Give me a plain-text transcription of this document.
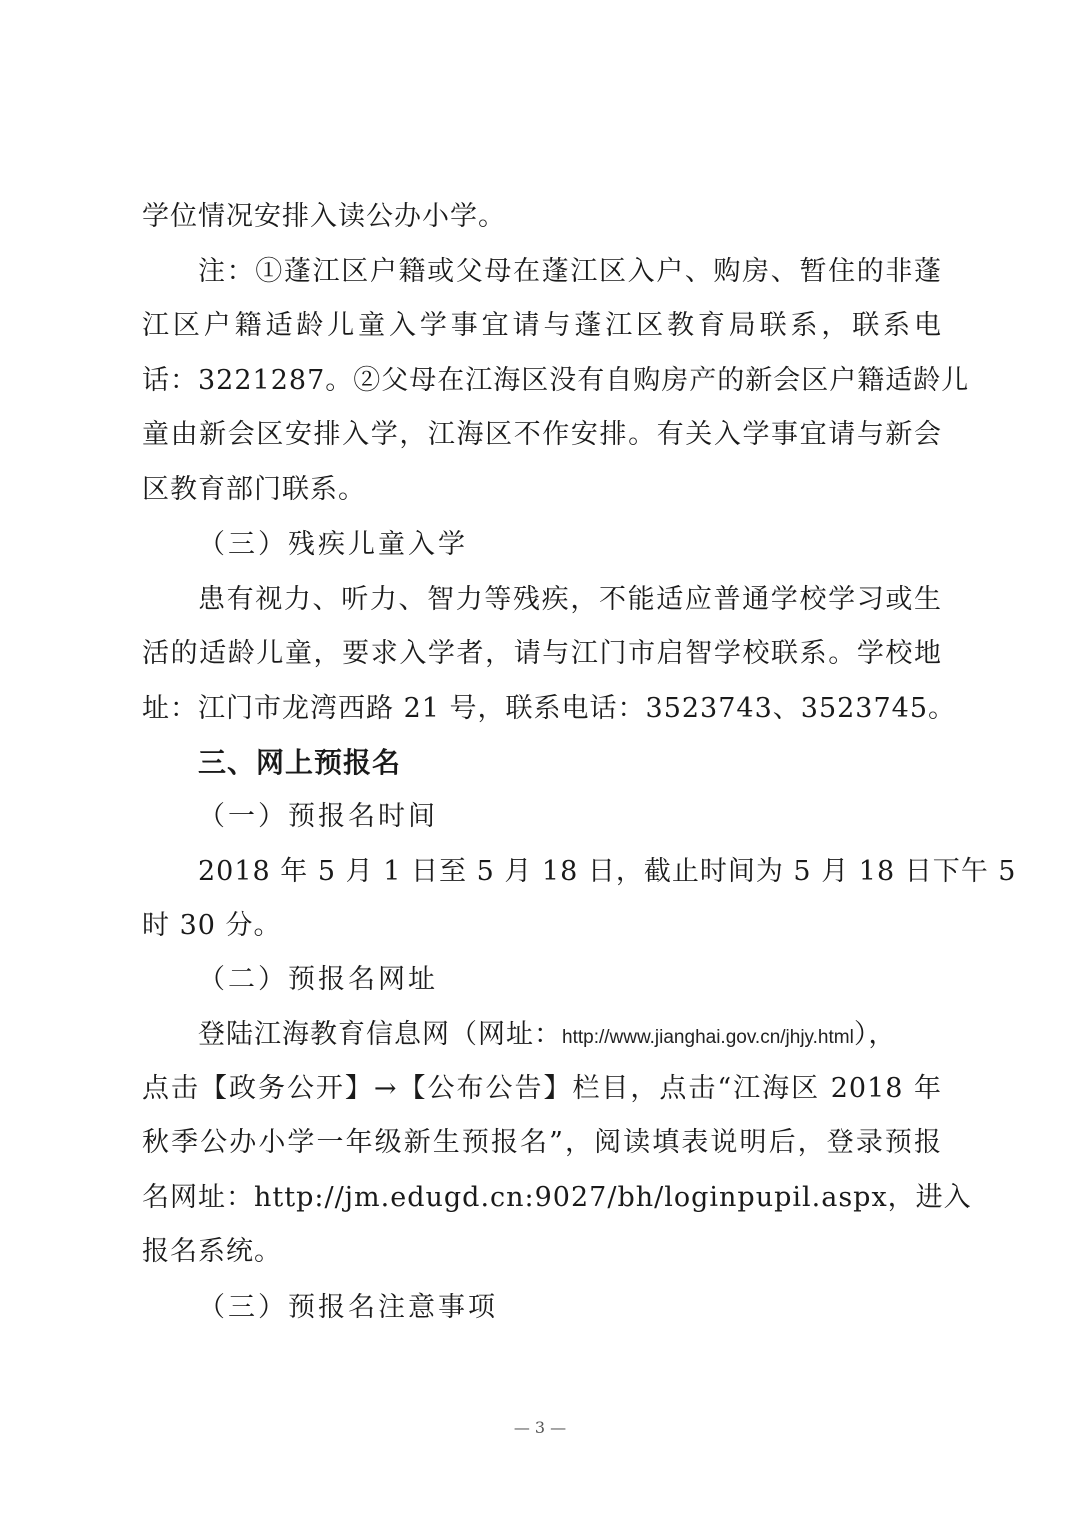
学位情况安排入读公办小学。
注：①蓬江区户籍或父母在蓬江区入户、购房、暂住的非蓬
江区户籍适龄儿童入学事宜请与蓬江区教育局联系，联系电
话：3221287。②父母在江海区没有自购房产的新会区户籍适龄儿
童由新会区安排入学，江海区不作安排。有关入学事宜请与新会
区教育部门联系。
（三）残疾儿童入学
患有视力、听力、智力等残疾，不能适应普通学校学习或生
活的适龄儿童，要求入学者，请与江门市启智学校联系。学校地
址：江门市龙湾西路 21 号，联系电话：3523743、3523745。
三、网上预报名
（一）预报名时间
2018 年 5 月 1 日至 5 月 18 日，截止时间为 5 月 18 日下午 5
时 30 分。
（二）预报名网址
登陆江海教育信息网（网址：http://www.jianghai.gov.cn/jhjy.html），
点击【政务公开】→【公布公告】栏目，点击“江海区 2018 年
秋季公办小学一年级新生预报名”，阅读填表说明后，登录预报
名网址：http://jm.edugd.cn:9027/bh/loginpupil.aspx，进入
报名系统。
（三）预报名注意事项
— 3 —
